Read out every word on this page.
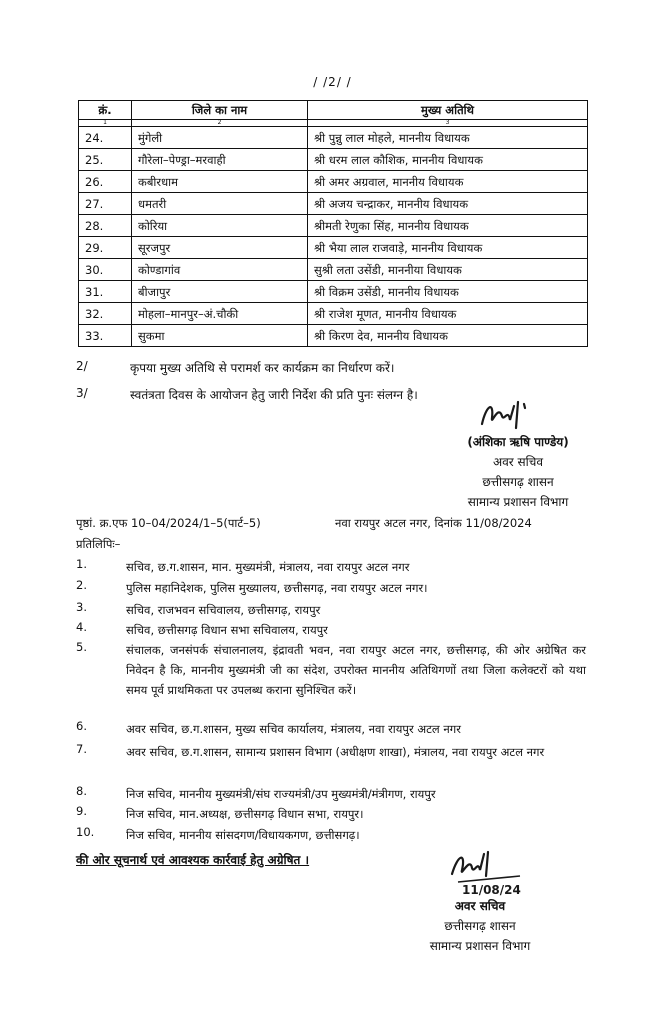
/ /2/ /
क्रं.	जिले का नाम	मुख्य अतिथि
1	2	3
24.	मुंगेली	श्री पुन्नु लाल मोहले, माननीय विधायक
25.	गौरेला–पेण्ड्रा–मरवाही	श्री धरम लाल कौशिक, माननीय विधायक
26.	कबीरधाम	श्री अमर अग्रवाल, माननीय विधायक
27.	धमतरी	श्री अजय चन्द्राकर, माननीय विधायक
28.	कोरिया	श्रीमती रेणुका सिंह, माननीय विधायक
29.	सूरजपुर	श्री भैया लाल राजवाड़े, माननीय विधायक
30.	कोण्डागांव	सुश्री लता उसेंडी, माननीया विधायक
31.	बीजापुर	श्री विक्रम उसेंडी, माननीय विधायक
32.	मोहला–मानपुर–अं.चौकी	श्री राजेश मूणत, माननीय विधायक
33.	सुकमा	श्री किरण देव, माननीय विधायक
2/	कृपया मुख्य अतिथि से परामर्श कर कार्यक्रम का निर्धारण करें।
3/	स्वतंत्रता दिवस के आयोजन हेतु जारी निर्देश की प्रति पुनः संलग्न है।
(अंशिका ऋषि पाण्डेय)
अवर सचिव
छत्तीसगढ़ शासन
सामान्य प्रशासन विभाग
पृष्ठां. क्र.एफ 10–04/2024/1–5(पार्ट–5)	नवा रायपुर अटल नगर, दिनांक 11/08/2024
प्रतिलिपिः–
1.	सचिव, छ.ग.शासन, मान. मुख्यमंत्री, मंत्रालय, नवा रायपुर अटल नगर
2.	पुलिस महानिदेशक, पुलिस मुख्यालय, छत्तीसगढ़, नवा रायपुर अटल नगर।
3.	सचिव, राजभवन सचिवालय, छत्तीसगढ़, रायपुर
4.	सचिव, छत्तीसगढ़ विधान सभा सचिवालय, रायपुर
5.	संचालक, जनसंपर्क संचालनालय, इंद्रावती भवन, नवा रायपुर अटल नगर, छत्तीसगढ़, की ओर अग्रेषित कर निवेदन है कि, माननीय मुख्यमंत्री जी का संदेश, उपरोक्त माननीय अतिथिगणों तथा जिला कलेक्टरों को यथा समय पूर्व प्राथमिकता पर उपलब्ध कराना सुनिश्चित करें।
6.	अवर सचिव, छ.ग.शासन, मुख्य सचिव कार्यालय, मंत्रालय, नवा रायपुर अटल नगर
7.	अवर सचिव, छ.ग.शासन, सामान्य प्रशासन विभाग (अधीक्षण शाखा), मंत्रालय, नवा रायपुर अटल नगर
8.	निज सचिव, माननीय मुख्यमंत्री/संघ राज्यमंत्री/उप मुख्यमंत्री/मंत्रीगण, रायपुर
9.	निज सचिव, मान.अध्यक्ष, छत्तीसगढ़ विधान सभा, रायपुर।
10.	निज सचिव, माननीय सांसदगण/विधायकगण, छत्तीसगढ़।
की ओर सूचनार्थ एवं आवश्यक कार्रवाई हेतु अग्रेषित ।
11/08/24
अवर सचिव
छत्तीसगढ़ शासन
सामान्य प्रशासन विभाग
